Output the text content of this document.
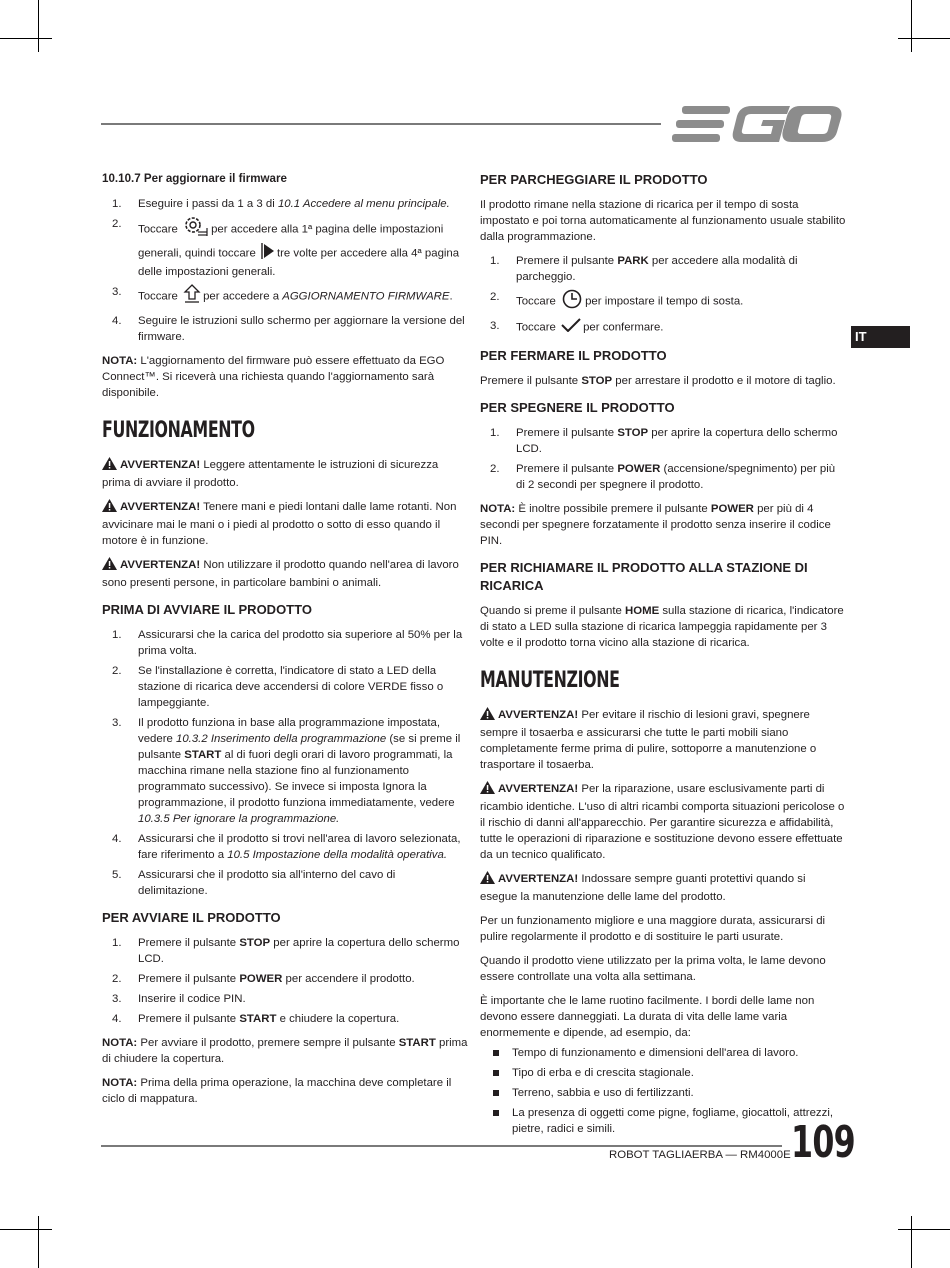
IT
10.10.7 Per aggiornare il firmware
1. Eseguire i passi da 1 a 3 di 10.1 Accedere al menu principale.
2. Toccare	per accedere alla 1ª pagina delle impostazioni generali, quindi toccare tre volte per accedere alla 4ª pagina delle impostazioni generali.
3. Toccare per accedere a AGGIORNAMENTO FIRMWARE.
4. Seguire le istruzioni sullo schermo per aggiornare la versione del firmware.

NOTA: L'aggiornamento del firmware può essere effettuato da EGO Connect™. Si riceverà una richiesta quando l'aggiornamento sarà disponibile.

FUNZIONAMENTO

AVVERTENZA! Leggere attentamente le istruzioni di sicurezza prima di avviare il prodotto.

AVVERTENZA! Tenere mani e piedi lontani dalle lame rotanti. Non avvicinare mai le mani o i piedi al prodotto o sotto di esso quando il motore è in funzione.

AVVERTENZA! Non utilizzare il prodotto quando nell'area di lavoro sono presenti persone, in particolare bambini o animali.

PRIMA DI AVVIARE IL PRODOTTO
1. Assicurarsi che la carica del prodotto sia superiore al 50% per la prima volta.
2. Se l'installazione è corretta, l'indicatore di stato a LED della stazione di ricarica deve accendersi di colore VERDE fisso o lampeggiante.
3. Il prodotto funziona in base alla programmazione impostata, vedere 10.3.2 Inserimento della programmazione (se si preme il pulsante START al di fuori degli orari di lavoro programmati, la macchina rimane nella stazione fino al funzionamento programmato successivo). Se invece si imposta Ignora la programmazione, il prodotto funziona immediatamente, vedere 10.3.5 Per ignorare la programmazione.
4. Assicurarsi che il prodotto si trovi nell'area di lavoro selezionata, fare riferimento a 10.5 Impostazione della modalità operativa.
5. Assicurarsi che il prodotto sia all'interno del cavo di delimitazione.
PER AVVIARE IL PRODOTTO
1. Premere il pulsante STOP per aprire la copertura dello schermo LCD.
2. Premere il pulsante POWER per accendere il prodotto.
3. Inserire il codice PIN.
4. Premere il pulsante START e chiudere la copertura.

NOTA: Per avviare il prodotto, premere sempre il pulsante START prima di chiudere la copertura.

NOTA: Prima della prima operazione, la macchina deve completare il ciclo di mappatura.

PER PARCHEGGIARE IL PRODOTTO

Il prodotto rimane nella stazione di ricarica per il tempo di sosta impostato e poi torna automaticamente al funzionamento usuale stabilito dalla programmazione.

1. Premere il pulsante PARK per accedere alla modalità di parcheggio.
2. Toccare	per impostare il tempo di sosta.
3. Toccare per confermare.
PER FERMARE IL PRODOTTO

Premere il pulsante STOP per arrestare il prodotto e il motore di taglio.

PER SPEGNERE IL PRODOTTO
1. Premere il pulsante STOP per aprire la copertura dello schermo LCD.
2. Premere il pulsante POWER (accensione/spegnimento) per più di 2 secondi per spegnere il prodotto.

NOTA: È inoltre possibile premere il pulsante POWER per più di 4 secondi per spegnere forzatamente il prodotto senza inserire il codice PIN.

PER RICHIAMARE IL PRODOTTO ALLA STAZIONE DI RICARICA

Quando si preme il pulsante HOME sulla stazione di ricarica, l'indicatore di stato a LED sulla stazione di ricarica lampeggia rapidamente per 3 volte e il prodotto torna vicino alla stazione di ricarica.

MANUTENZIONE

AVVERTENZA! Per evitare il rischio di lesioni gravi, spegnere sempre il tosaerba e assicurarsi che tutte le parti mobili siano completamente ferme prima di pulire, sottoporre a manutenzione o trasportare il tosaerba.

AVVERTENZA! Per la riparazione, usare esclusivamente parti di ricambio identiche. L'uso di altri ricambi comporta situazioni pericolose o il rischio di danni all'apparecchio. Per garantire sicurezza e affidabilità, tutte le operazioni di riparazione e sostituzione devono essere effettuate da un tecnico qualificato.

AVVERTENZA! Indossare sempre guanti protettivi quando si esegue la manutenzione delle lame del prodotto.

Per un funzionamento migliore e una maggiore durata, assicurarsi di pulire regolarmente il prodotto e di sostituire le parti usurate.

Quando il prodotto viene utilizzato per la prima volta, le lame devono essere controllate una volta alla settimana.

È importante che le lame ruotino facilmente. I bordi delle lame non devono essere danneggiati. La durata di vita delle lame varia enormemente e dipende, ad esempio, da:

Tempo di funzionamento e dimensioni dell'area di lavoro.
Tipo di erba e di crescita stagionale.
Terreno, sabbia e uso di fertilizzanti.
La presenza di oggetti come pigne, fogliame, giocattoli, attrezzi, pietre, radici e simili.
ROBOT TAGLIAERBA — RM4000E 109
